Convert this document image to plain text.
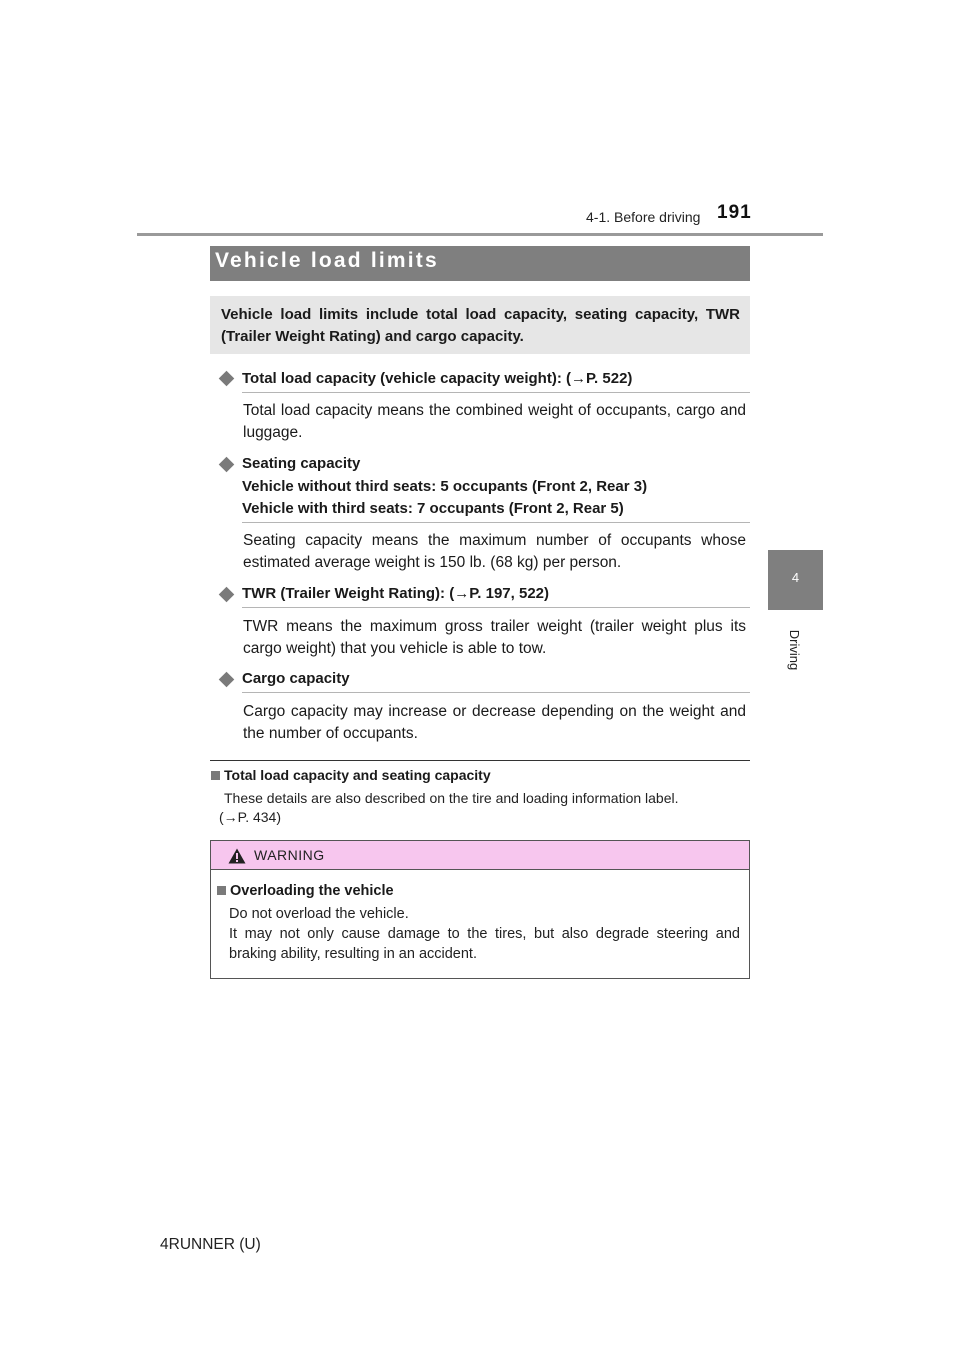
4-1. Before driving 191
4
Driving
Vehicle load limits
Vehicle load limits include total load capacity, seating capacity, TWR (Trailer Weight Rating) and cargo capacity.
Total load capacity (vehicle capacity weight): (→P. 522)
Total load capacity means the combined weight of occupants, cargo and luggage.
Seating capacity
Vehicle without third seats: 5 occupants (Front 2, Rear 3)
Vehicle with third seats: 7 occupants (Front 2, Rear 5)
Seating capacity means the maximum number of occupants whose estimated average weight is 150 lb. (68 kg) per person.
TWR (Trailer Weight Rating): (→P. 197, 522)
TWR means the maximum gross trailer weight (trailer weight plus its cargo weight) that you vehicle is able to tow.
Cargo capacity
Cargo capacity may increase or decrease depending on the weight and the number of occupants.
Total load capacity and seating capacity
These details are also described on the tire and loading information label.
(→P. 434)
WARNING
Overloading the vehicle
Do not overload the vehicle.
It may not only cause damage to the tires, but also degrade steering and braking ability, resulting in an accident.
4RUNNER (U)
